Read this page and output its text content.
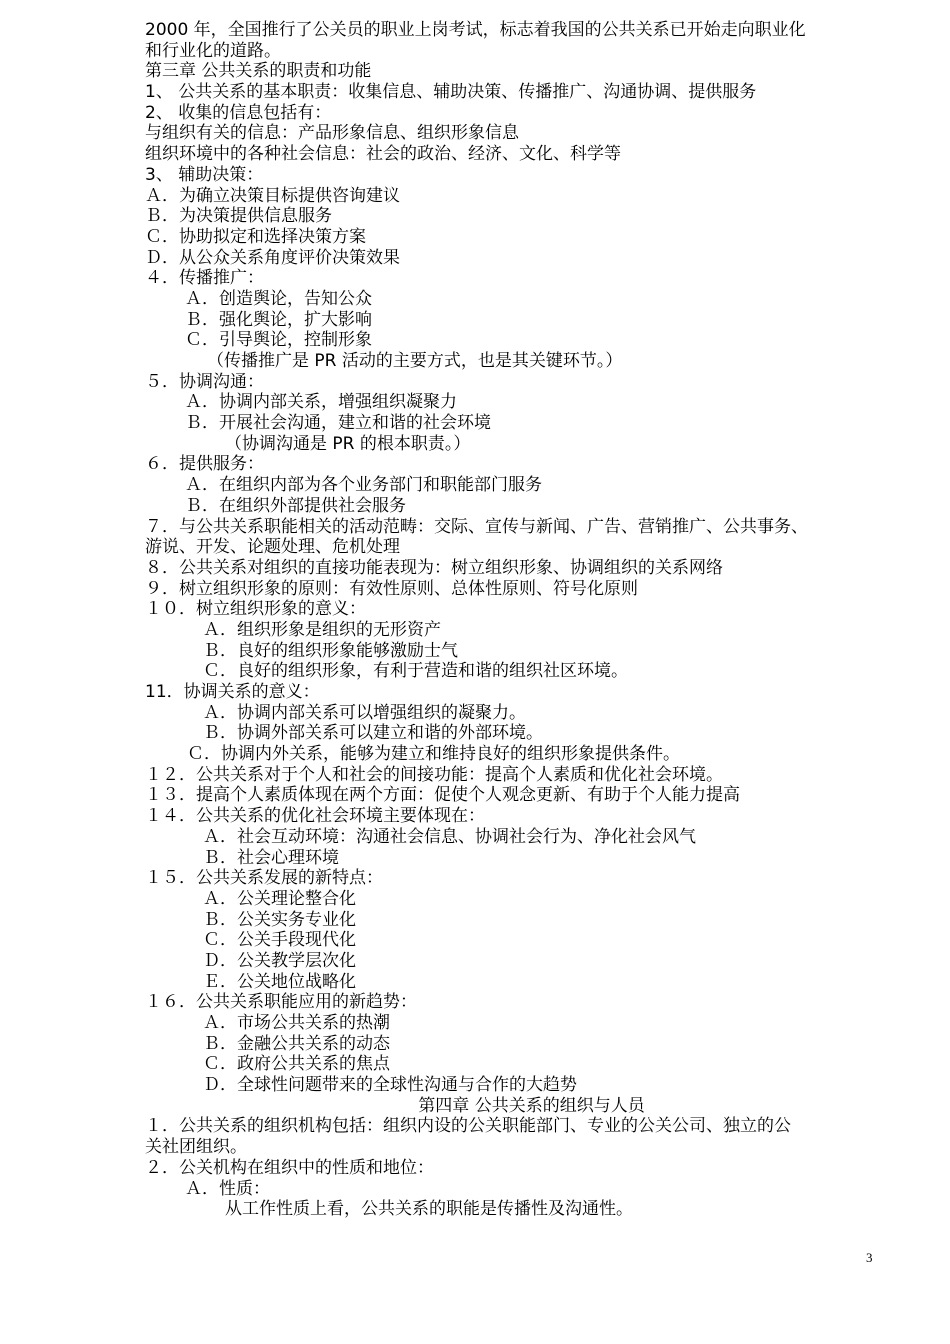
2000 年，全国推行了公关员的职业上岗考试，标志着我国的公共关系已开始走向职业化
和行业化的道路。
第三章 公共关系的职责和功能
1、 公共关系的基本职责：收集信息、辅助决策、传播推广、沟通协调、提供服务
2、 收集的信息包括有：
与组织有关的信息：产品形象信息、组织形象信息
组织环境中的各种社会信息：社会的政治、经济、文化、科学等
3、 辅助决策：
Ａ．为确立决策目标提供咨询建议
Ｂ．为决策提供信息服务
Ｃ．协助拟定和选择决策方案
Ｄ．从公众关系角度评价决策效果
４．传播推广：
Ａ．创造舆论，告知公众
Ｂ．强化舆论，扩大影响
Ｃ．引导舆论，控制形象
（传播推广是 PR 活动的主要方式，也是其关键环节。）
５．协调沟通：
Ａ．协调内部关系，增强组织凝聚力
Ｂ．开展社会沟通，建立和谐的社会环境
（协调沟通是 PR 的根本职责。）
６．提供服务：
Ａ．在组织内部为各个业务部门和职能部门服务
Ｂ．在组织外部提供社会服务
７．与公共关系职能相关的活动范畴：交际、宣传与新闻、广告、营销推广、公共事务、
游说、开发、论题处理、危机处理
８．公共关系对组织的直接功能表现为：树立组织形象、协调组织的关系网络
９．树立组织形象的原则：有效性原则、总体性原则、符号化原则
１０．树立组织形象的意义：
Ａ．组织形象是组织的无形资产
Ｂ．良好的组织形象能够激励士气
Ｃ．良好的组织形象，有利于营造和谐的组织社区环境。
11．协调关系的意义：
Ａ．协调内部关系可以增强组织的凝聚力。
Ｂ．协调外部关系可以建立和谐的外部环境。
Ｃ．协调内外关系，能够为建立和维持良好的组织形象提供条件。
１２．公共关系对于个人和社会的间接功能：提高个人素质和优化社会环境。
１３．提高个人素质体现在两个方面：促使个人观念更新、有助于个人能力提高
１４．公共关系的优化社会环境主要体现在：
Ａ．社会互动环境：沟通社会信息、协调社会行为、净化社会风气
Ｂ．社会心理环境
１５．公共关系发展的新特点：
Ａ．公关理论整合化
Ｂ．公关实务专业化
Ｃ．公关手段现代化
Ｄ．公关教学层次化
Ｅ．公关地位战略化
１６．公共关系职能应用的新趋势：
Ａ．市场公共关系的热潮
Ｂ．金融公共关系的动态
Ｃ．政府公共关系的焦点
Ｄ．全球性问题带来的全球性沟通与合作的大趋势
第四章 公共关系的组织与人员
１．公共关系的组织机构包括：组织内设的公关职能部门、专业的公关公司、独立的公
关社团组织。
２．公关机构在组织中的性质和地位：
Ａ．性质：
从工作性质上看，公共关系的职能是传播性及沟通性。
3
